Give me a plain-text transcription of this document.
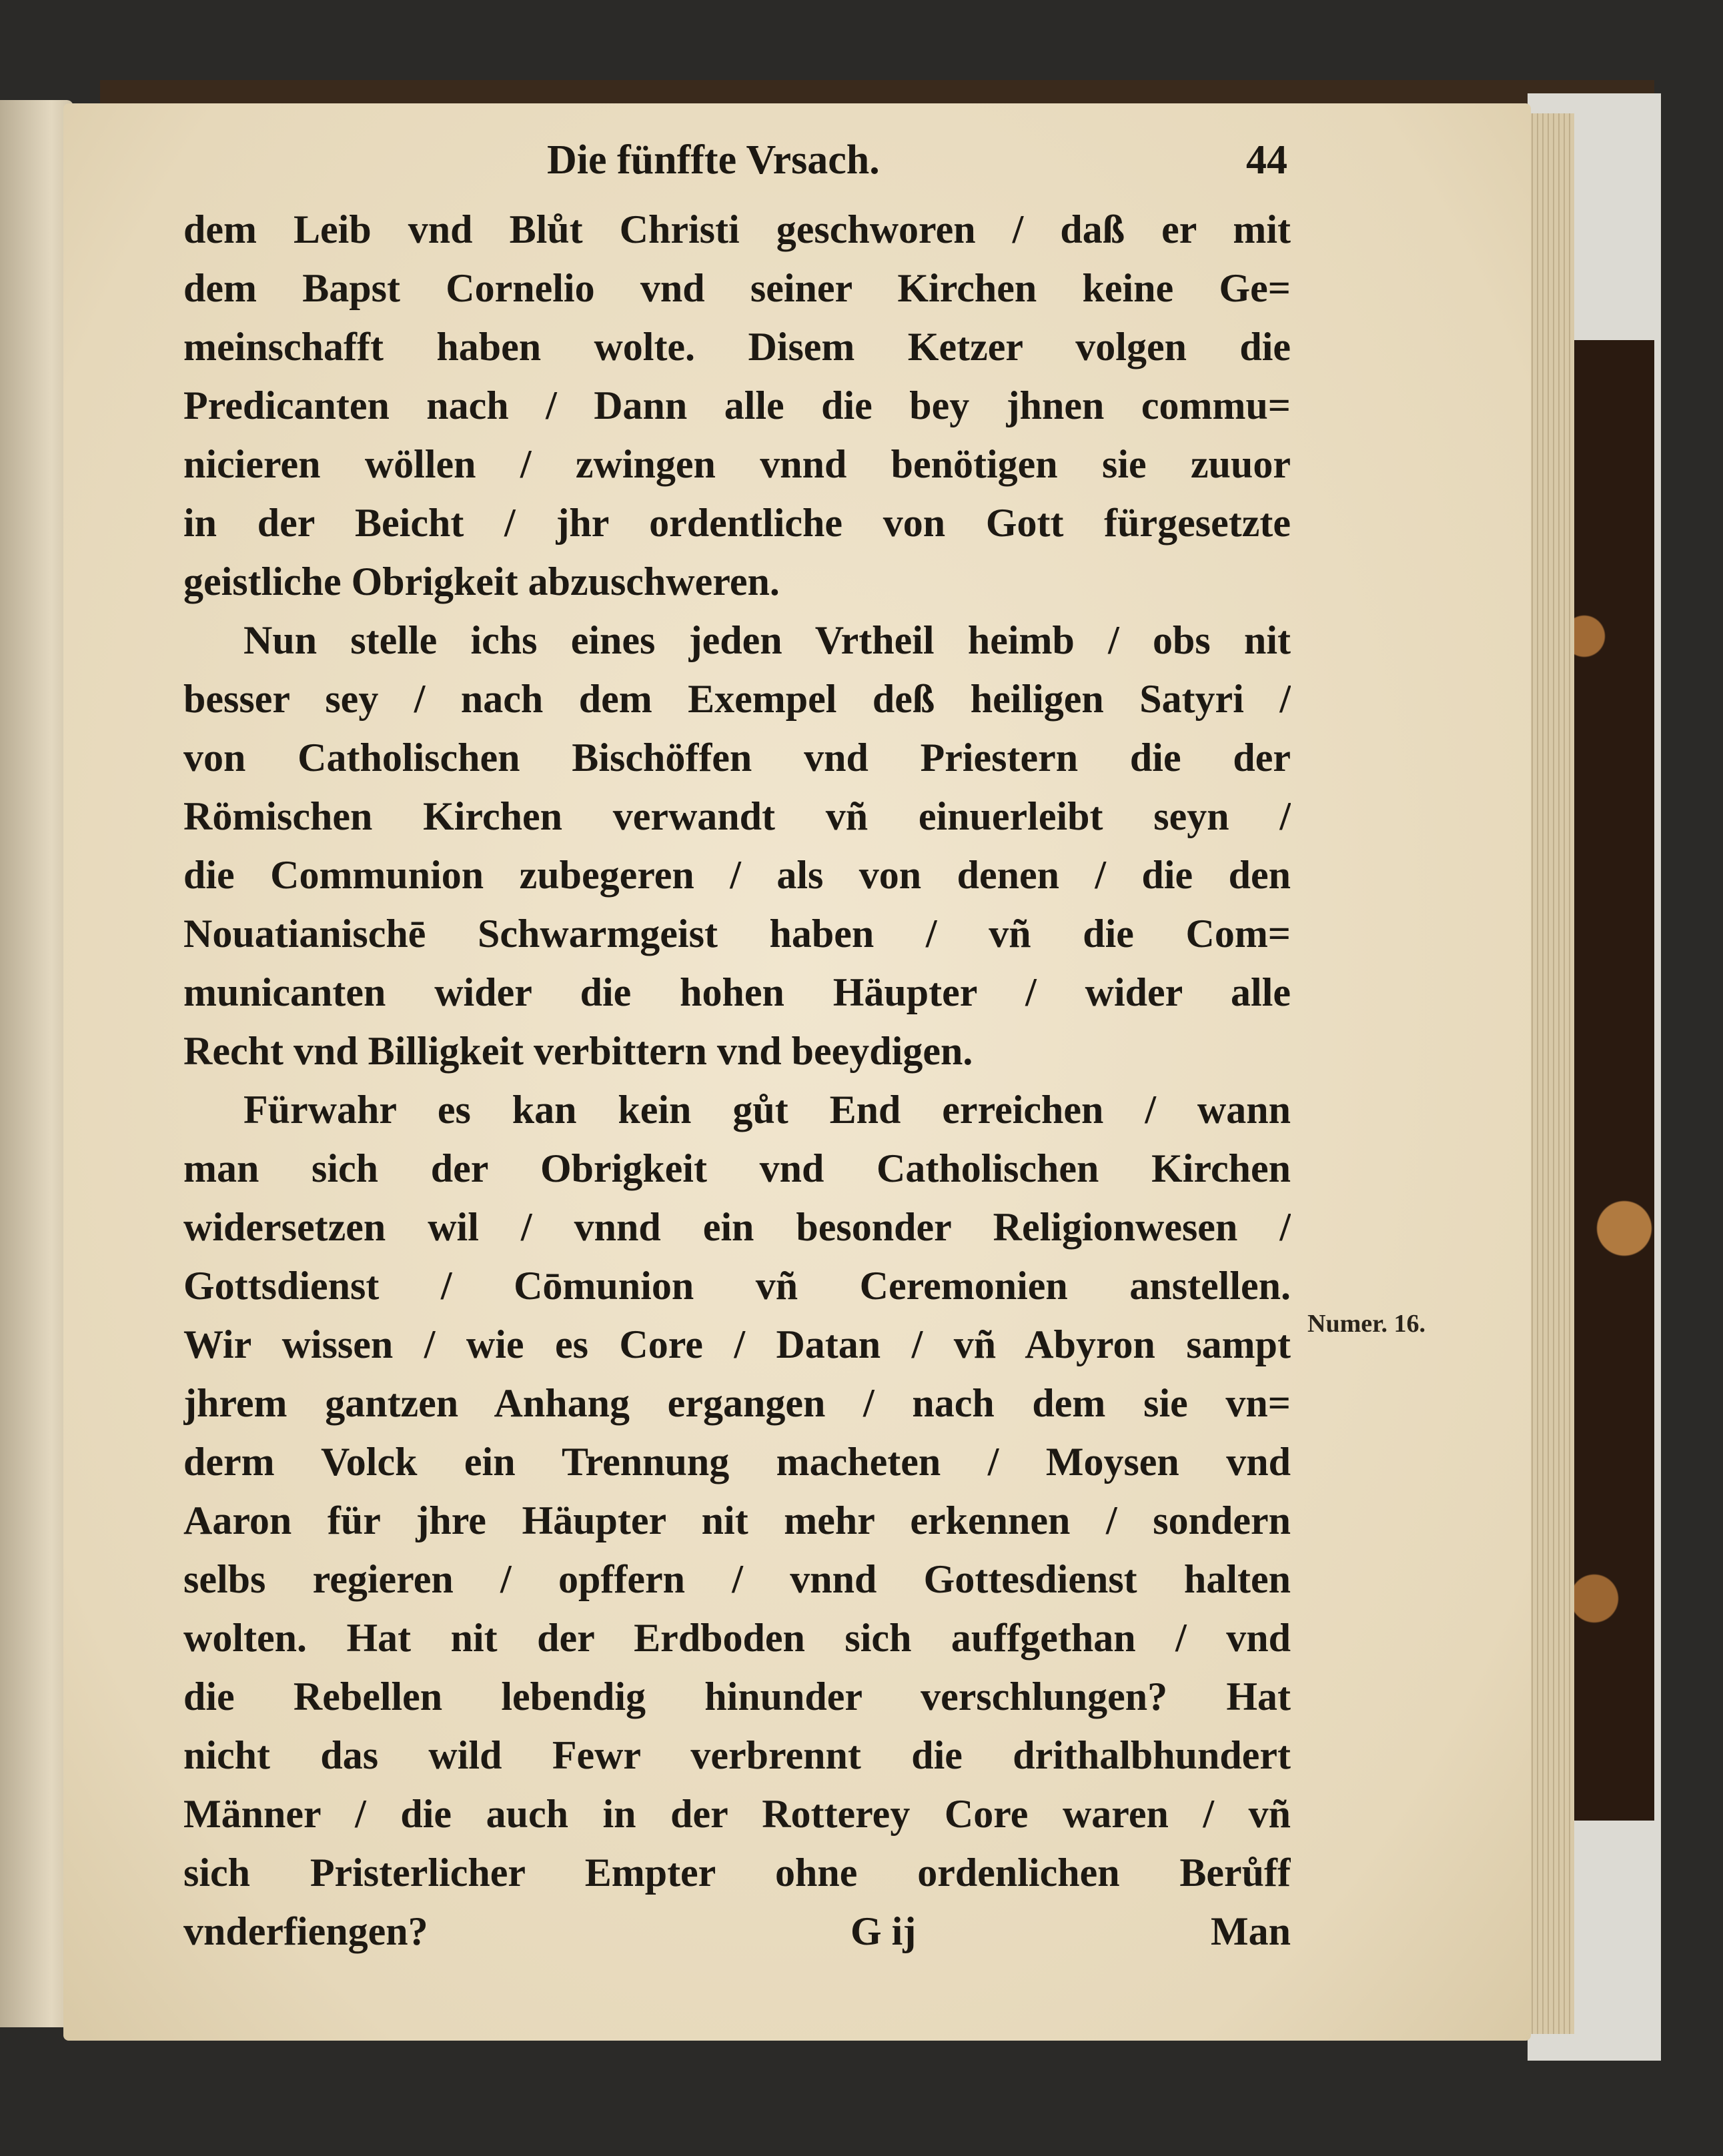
Die fünffte Vrsach.	44
dem Leib vnd Blůt Christi geschworen / daß er mit
dem Bapst Cornelio vnd seiner Kirchen keine Ge=
meinschafft haben wolte. Disem Ketzer volgen die
Predicanten nach / Dann alle die bey jhnen commu=
nicieren wöllen / zwingen vnnd benötigen sie zuuor
in der Beicht / jhr ordentliche von Gott fürgesetzte
geistliche Obrigkeit abzuschweren.
Nun stelle ichs eines jeden Vrtheil heimb / obs nit
besser sey / nach dem Exempel deß heiligen Satyri /
von Catholischen Bischöffen vnd Priestern die der
Römischen Kirchen verwandt vñ einuerleibt seyn /
die Communion zubegeren / als von denen / die den
Nouatianischē Schwarmgeist haben / vñ die Com=
municanten wider die hohen Häupter / wider alle
Recht vnd Billigkeit verbittern vnd beeydigen.
Fürwahr es kan kein gůt End erreichen / wann
man sich der Obrigkeit vnd Catholischen Kirchen
widersetzen wil / vnnd ein besonder Religionwesen /
Gottsdienst / Cōmunion vñ Ceremonien anstellen.
Wir wissen / wie es Core / Datan / vñ Abyron sampt
jhrem gantzen Anhang ergangen / nach dem sie vn=
derm Volck ein Trennung macheten / Moysen vnd
Aaron für jhre Häupter nit mehr erkennen / sondern
selbs regieren / opffern / vnnd Gottesdienst halten
wolten. Hat nit der Erdboden sich auffgethan / vnd
die Rebellen lebendig hinunder verschlungen? Hat
nicht das wild Fewr verbrennt die drithalbhundert
Männer / die auch in der Rotterey Core waren / vñ
sich Pristerlicher Empter ohne ordenlichen Berůff
vnderfiengen?	G ij	Man
Numer. 16.
